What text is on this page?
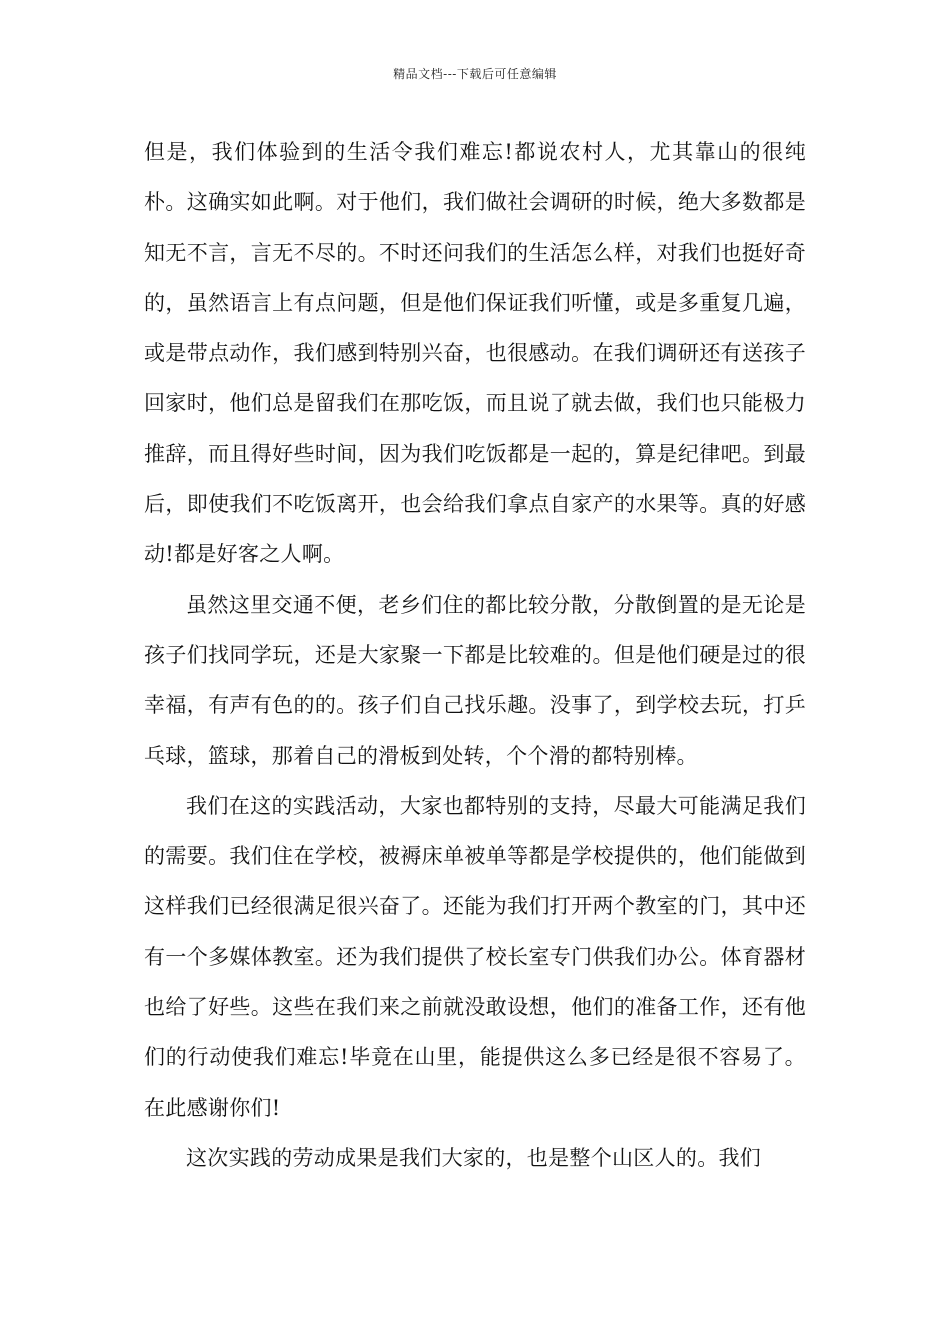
精品文档---下载后可任意编辑

但是，我们体验到的生活令我们难忘!都说农村人，尤其靠山的很纯朴。这确实如此啊。对于他们，我们做社会调研的时候，绝大多数都是知无不言，言无不尽的。不时还问我们的生活怎么样，对我们也挺好奇的，虽然语言上有点问题，但是他们保证我们听懂，或是多重复几遍，或是带点动作，我们感到特别兴奋，也很感动。在我们调研还有送孩子回家时，他们总是留我们在那吃饭，而且说了就去做，我们也只能极力推辞，而且得好些时间，因为我们吃饭都是一起的，算是纪律吧。到最后，即使我们不吃饭离开，也会给我们拿点自家产的水果等。真的好感动!都是好客之人啊。

虽然这里交通不便，老乡们住的都比较分散，分散倒置的是无论是孩子们找同学玩，还是大家聚一下都是比较难的。但是他们硬是过的很幸福，有声有色的的。孩子们自己找乐趣。没事了，到学校去玩，打乒乓球，篮球，那着自己的滑板到处转，个个滑的都特别棒。

我们在这的实践活动，大家也都特别的支持，尽最大可能满足我们的需要。我们住在学校，被褥床单被单等都是学校提供的，他们能做到这样我们已经很满足很兴奋了。还能为我们打开两个教室的门，其中还有一个多媒体教室。还为我们提供了校长室专门供我们办公。体育器材也给了好些。这些在我们来之前就没敢设想，他们的准备工作，还有他们的行动使我们难忘!毕竟在山里，能提供这么多已经是很不容易了。在此感谢你们!

这次实践的劳动成果是我们大家的，也是整个山区人的。我们
